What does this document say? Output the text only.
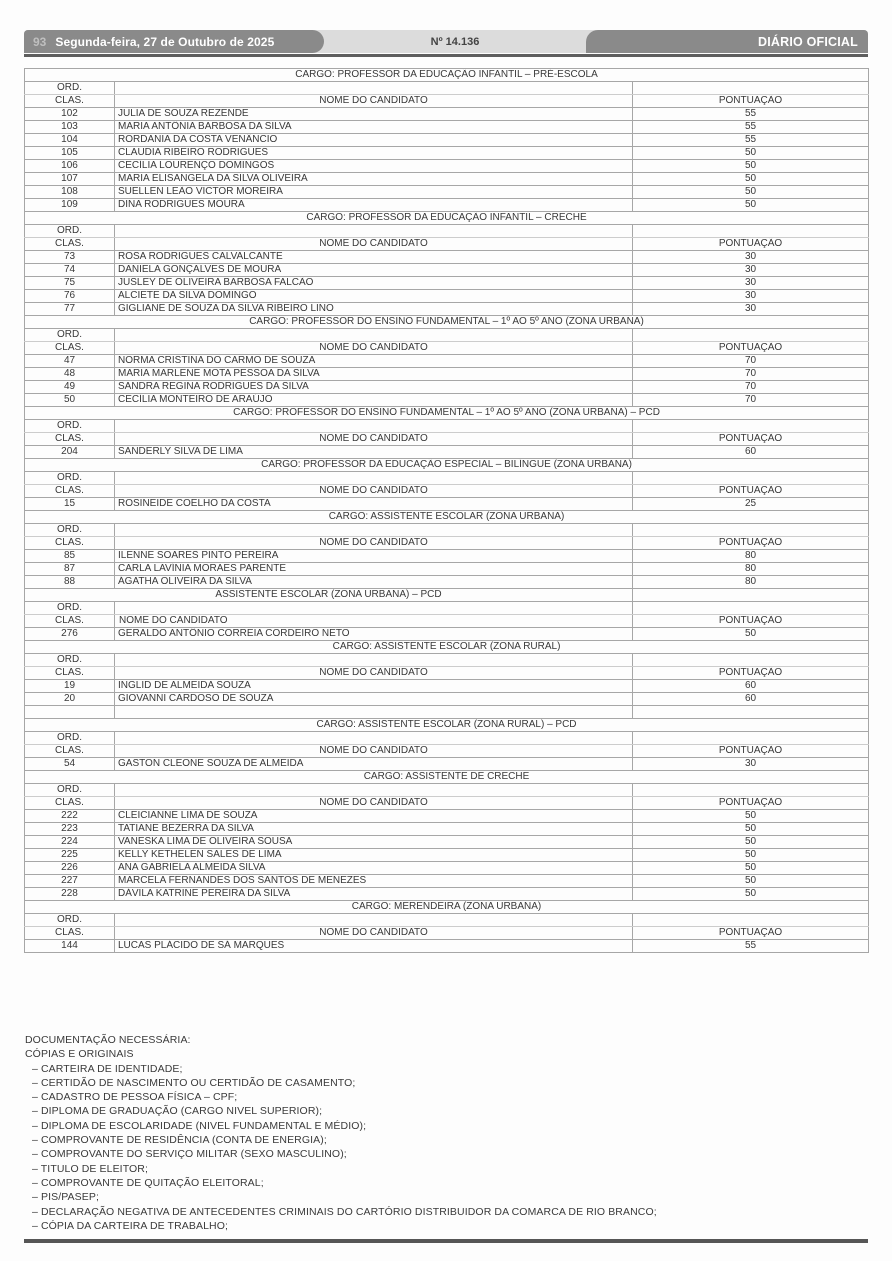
93 Segunda-feira, 27 de Outubro de 2025	Nº 14.136	DIÁRIO OFICIAL
CARGO: PROFESSOR DA EDUCAÇÃO INFANTIL – PRÉ-ESCOLA		
ORD.		
CLAS.	NOME DO CANDIDATO	PONTUAÇÃO
102	JULIA DE SOUZA REZENDE	55
103	MARIA ANTÔNIA BARBOSA DA SILVA	55
104	RORDANIA DA COSTA VENÂNCIO	55
105	CLAUDIA RIBEIRO RODRIGUES	50
106	CECÍLIA LOURENÇO DOMINGOS	50
107	MARIA ELISANGELA DA SILVA OLIVEIRA	50
108	SUELLEN LEÃO VICTOR MOREIRA	50
109	DINA RODRIGUES MOURA	50
CARGO: PROFESSOR DA EDUCAÇÃO INFANTIL – CRECHE		
ORD.		
CLAS.	NOME DO CANDIDATO	PONTUAÇÃO
73	ROSA RODRIGUES CALVALCANTE	30
74	DANIELA GONÇALVES DE MOURA	30
75	JUSLEY DE OLIVEIRA BARBOSA FALCÃO	30
76	ALCIETE DA SILVA DOMINGO	30
77	GIGLIANE DE SOUZA DA SILVA RIBEIRO LINO	30
CARGO: PROFESSOR DO ENSINO FUNDAMENTAL – 1º AO 5º ANO (ZONA URBANA)		
ORD.		
CLAS.	NOME DO CANDIDATO	PONTUAÇÃO
47	NORMA CRISTINA DO CARMO DE SOUZA	70
48	MARIA MARLENE MOTA PESSOA DA SILVA	70
49	SANDRA REGINA RODRIGUES DA SILVA	70
50	CECÍLIA MONTEIRO DE ARAÚJO	70
CARGO: PROFESSOR DO ENSINO FUNDAMENTAL – 1º AO 5º ANO (ZONA URBANA) – PCD		
ORD.		
CLAS.	NOME DO CANDIDATO	PONTUAÇÃO
204	SANDERLY SILVA DE LIMA	60
CARGO: PROFESSOR DA EDUCAÇÃO ESPECIAL – BILÍNGUE (ZONA URBANA)		
ORD.		
CLAS.	NOME DO CANDIDATO	PONTUAÇÃO
15	ROSINEIDE COELHO DA COSTA	25
CARGO: ASSISTENTE ESCOLAR (ZONA URBANA)		
ORD.		
CLAS.	NOME DO CANDIDATO	PONTUAÇÃO
85	ILENNE SOARES PINTO PEREIRA	80
87	CARLA LAVÍNIA MORAES PARENTE	80
88	ÁGATHA OLIVEIRA DA SILVA	80
ASSISTENTE ESCOLAR (ZONA URBANA) – PCD		
ORD.		
CLAS.	NOME DO CANDIDATO	PONTUAÇÃO
276	GERALDO ANTÔNIO CORREIA CORDEIRO NETO	50
CARGO: ASSISTENTE ESCOLAR (ZONA RURAL)		
ORD.		
CLAS.	NOME DO CANDIDATO	PONTUAÇÃO
19	INGLID DE ALMEIDA SOUZA	60
20	GIOVANNI CARDOSO DE SOUZA	60

CARGO: ASSISTENTE ESCOLAR (ZONA RURAL) – PCD		
ORD.		
CLAS.	NOME DO CANDIDATO	PONTUAÇÃO
54	GASTON CLEONE SOUZA DE ALMEIDA	30
CARGO: ASSISTENTE DE CRECHE		
ORD.		
CLAS.	NOME DO CANDIDATO	PONTUAÇÃO
222	CLEICIANNE LIMA DE SOUZA	50
223	TATIANE BEZERRA DA SILVA	50
224	VANESKA LIMA DE OLIVEIRA SOUSA	50
225	KELLY KETHELEN SALES DE LIMA	50
226	ANA GABRIELA ALMEIDA SILVA	50
227	MARCELA FERNANDES DOS SANTOS DE MENEZES	50
228	DÁVILA KATRINE PEREIRA DA SILVA	50
CARGO: MERENDEIRA (ZONA URBANA)		
ORD.		
CLAS.	NOME DO CANDIDATO	PONTUAÇÃO
144	LUCAS PLÁCIDO DE SÁ MARQUES	55
DOCUMENTAÇÃO NECESSÁRIA:
CÓPIAS E ORIGINAIS
– CARTEIRA DE IDENTIDADE;
– CERTIDÃO DE NASCIMENTO OU CERTIDÃO DE CASAMENTO;
– CADASTRO DE PESSOA FÍSICA – CPF;
– DIPLOMA DE GRADUAÇÃO (CARGO NIVEL SUPERIOR);
– DIPLOMA DE ESCOLARIDADE (NIVEL FUNDAMENTAL E MÉDIO);
– COMPROVANTE DE RESIDÊNCIA (CONTA DE ENERGIA);
– COMPROVANTE DO SERVIÇO MILITAR (SEXO MASCULINO);
– TITULO DE ELEITOR;
– COMPROVANTE DE QUITAÇÃO ELEITORAL;
– PIS/PASEP;
– DECLARAÇÃO NEGATIVA DE ANTECEDENTES CRIMINAIS DO CARTÓRIO DISTRIBUIDOR DA COMARCA DE RIO BRANCO;
– CÓPIA DA CARTEIRA DE TRABALHO;
